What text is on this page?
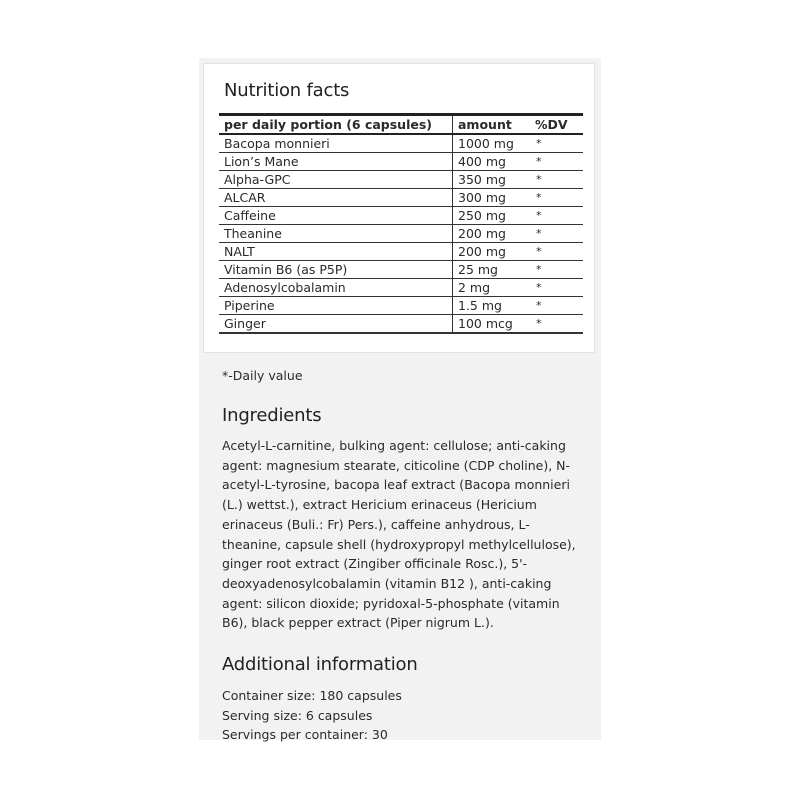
Nutrition facts
per daily portion (6 capsules)	amount	%DV
Bacopa monnieri	1000 mg	*
Lion’s Mane	400 mg	*
Alpha-GPC	350 mg	*
ALCAR	300 mg	*
Caffeine	250 mg	*
Theanine	200 mg	*
NALT	200 mg	*
Vitamin B6 (as P5P)	25 mg	*
Adenosylcobalamin	2 mg	*
Piperine	1.5 mg	*
Ginger	100 mcg	*
*-Daily value
Ingredients

Acetyl-L-carnitine, bulking agent: cellulose; anti-caking agent: magnesium stearate, citicoline (CDP choline), N-acetyl-L-tyrosine, bacopa leaf extract (Bacopa monnieri (L.) wettst.), extract Hericium erinaceus (Hericium erinaceus (Buli.: Fr) Pers.), caffeine anhydrous, L-theanine, capsule shell (hydroxypropyl methylcellulose), ginger root extract (Zingiber officinale Rosc.), 5'-deoxyadenosylcobalamin (vitamin B12 ), anti-caking agent: silicon dioxide; pyridoxal-5-phosphate (vitamin B6), black pepper extract (Piper nigrum L.).

Additional information
Container size: 180 capsules
Serving size: 6 capsules
Servings per container: 30
